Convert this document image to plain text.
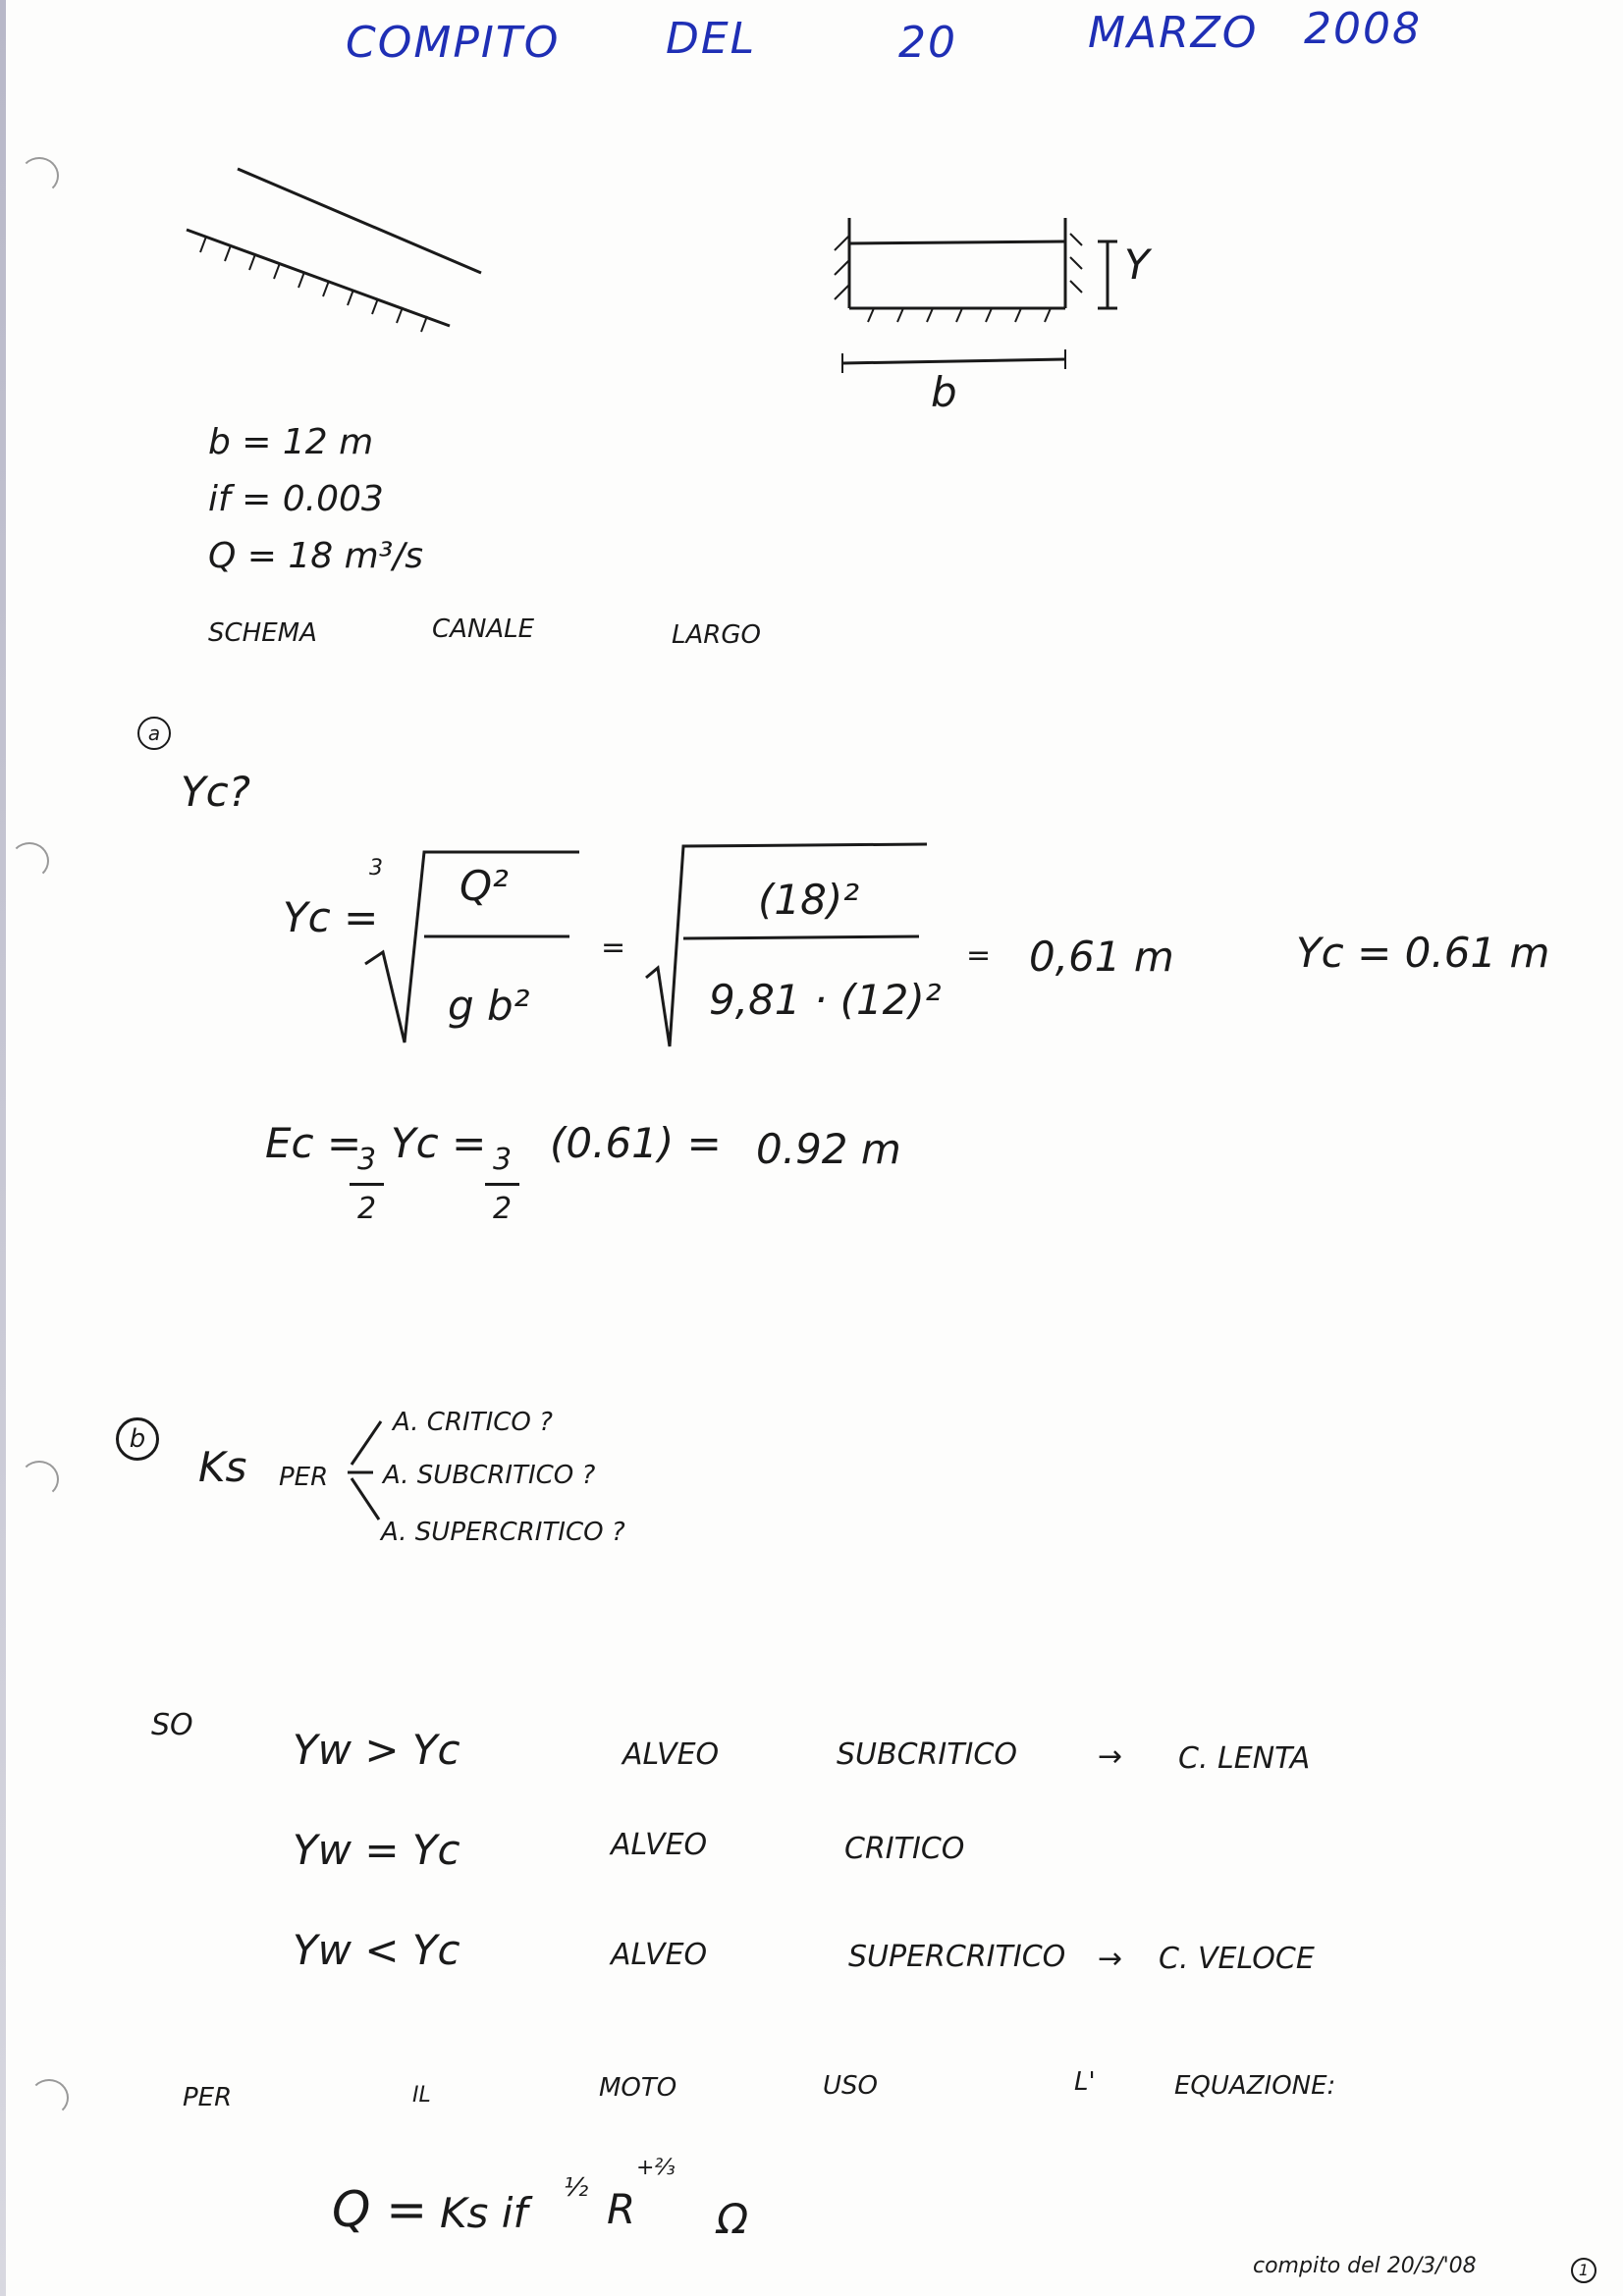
COMPITO DEL	20	MARZO 2008
Y
b
b = 12 m
if = 0.003
Q = 18 m³/s
SCHEMA	CANALE	LARGO
a
Yc?
Yc =
3 Q²
g b²
=
(18)²
9,81 · (12)²
= 0,61 m	Yc = 0.61 m
Ec =
$\frac{3}{2}$ Yc =
$\frac{3}{2} (0.61) = 0.92$ m
b
Ks PER
A. CRITICO ?
A. SUBCRITICO ?
A. SUPERCRITICO ?
SO
Yw > Yc	ALVEO	SUBCRITICO	→ C. LENTA
Yw = Yc	ALVEO	CRITICO
Yw < Yc	ALVEO	SUPERCRITICO → C. VELOCE
PER	IL	MOTO	USO	L'	EQUAZIONE:
Q = Ks if
½ R
+⅔
Ω
compito del 20/3/'08	1
